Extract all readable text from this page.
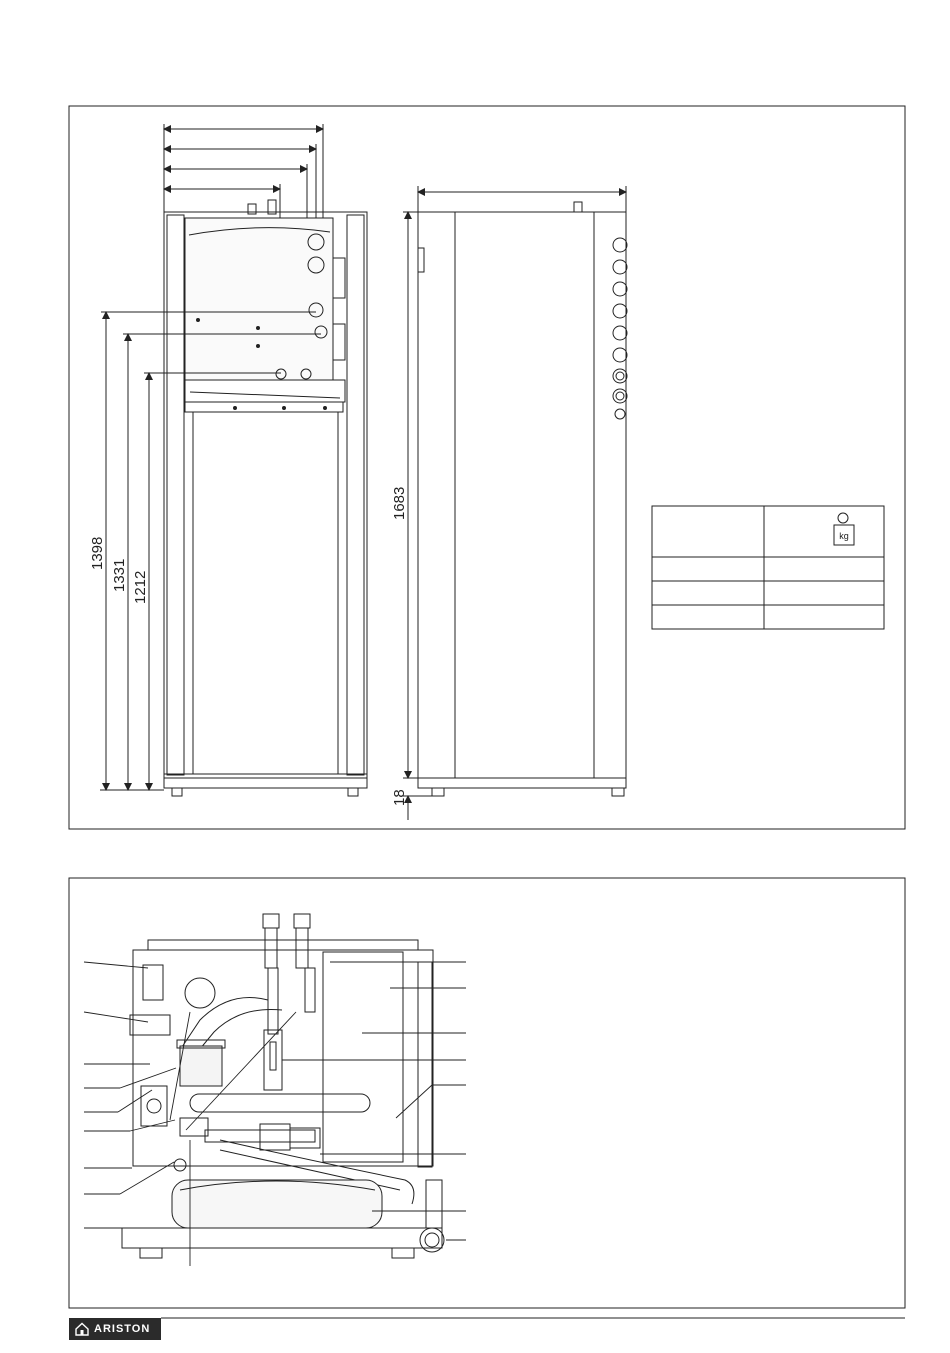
1398
1331 1212
1683
18
kg
ARISTON
